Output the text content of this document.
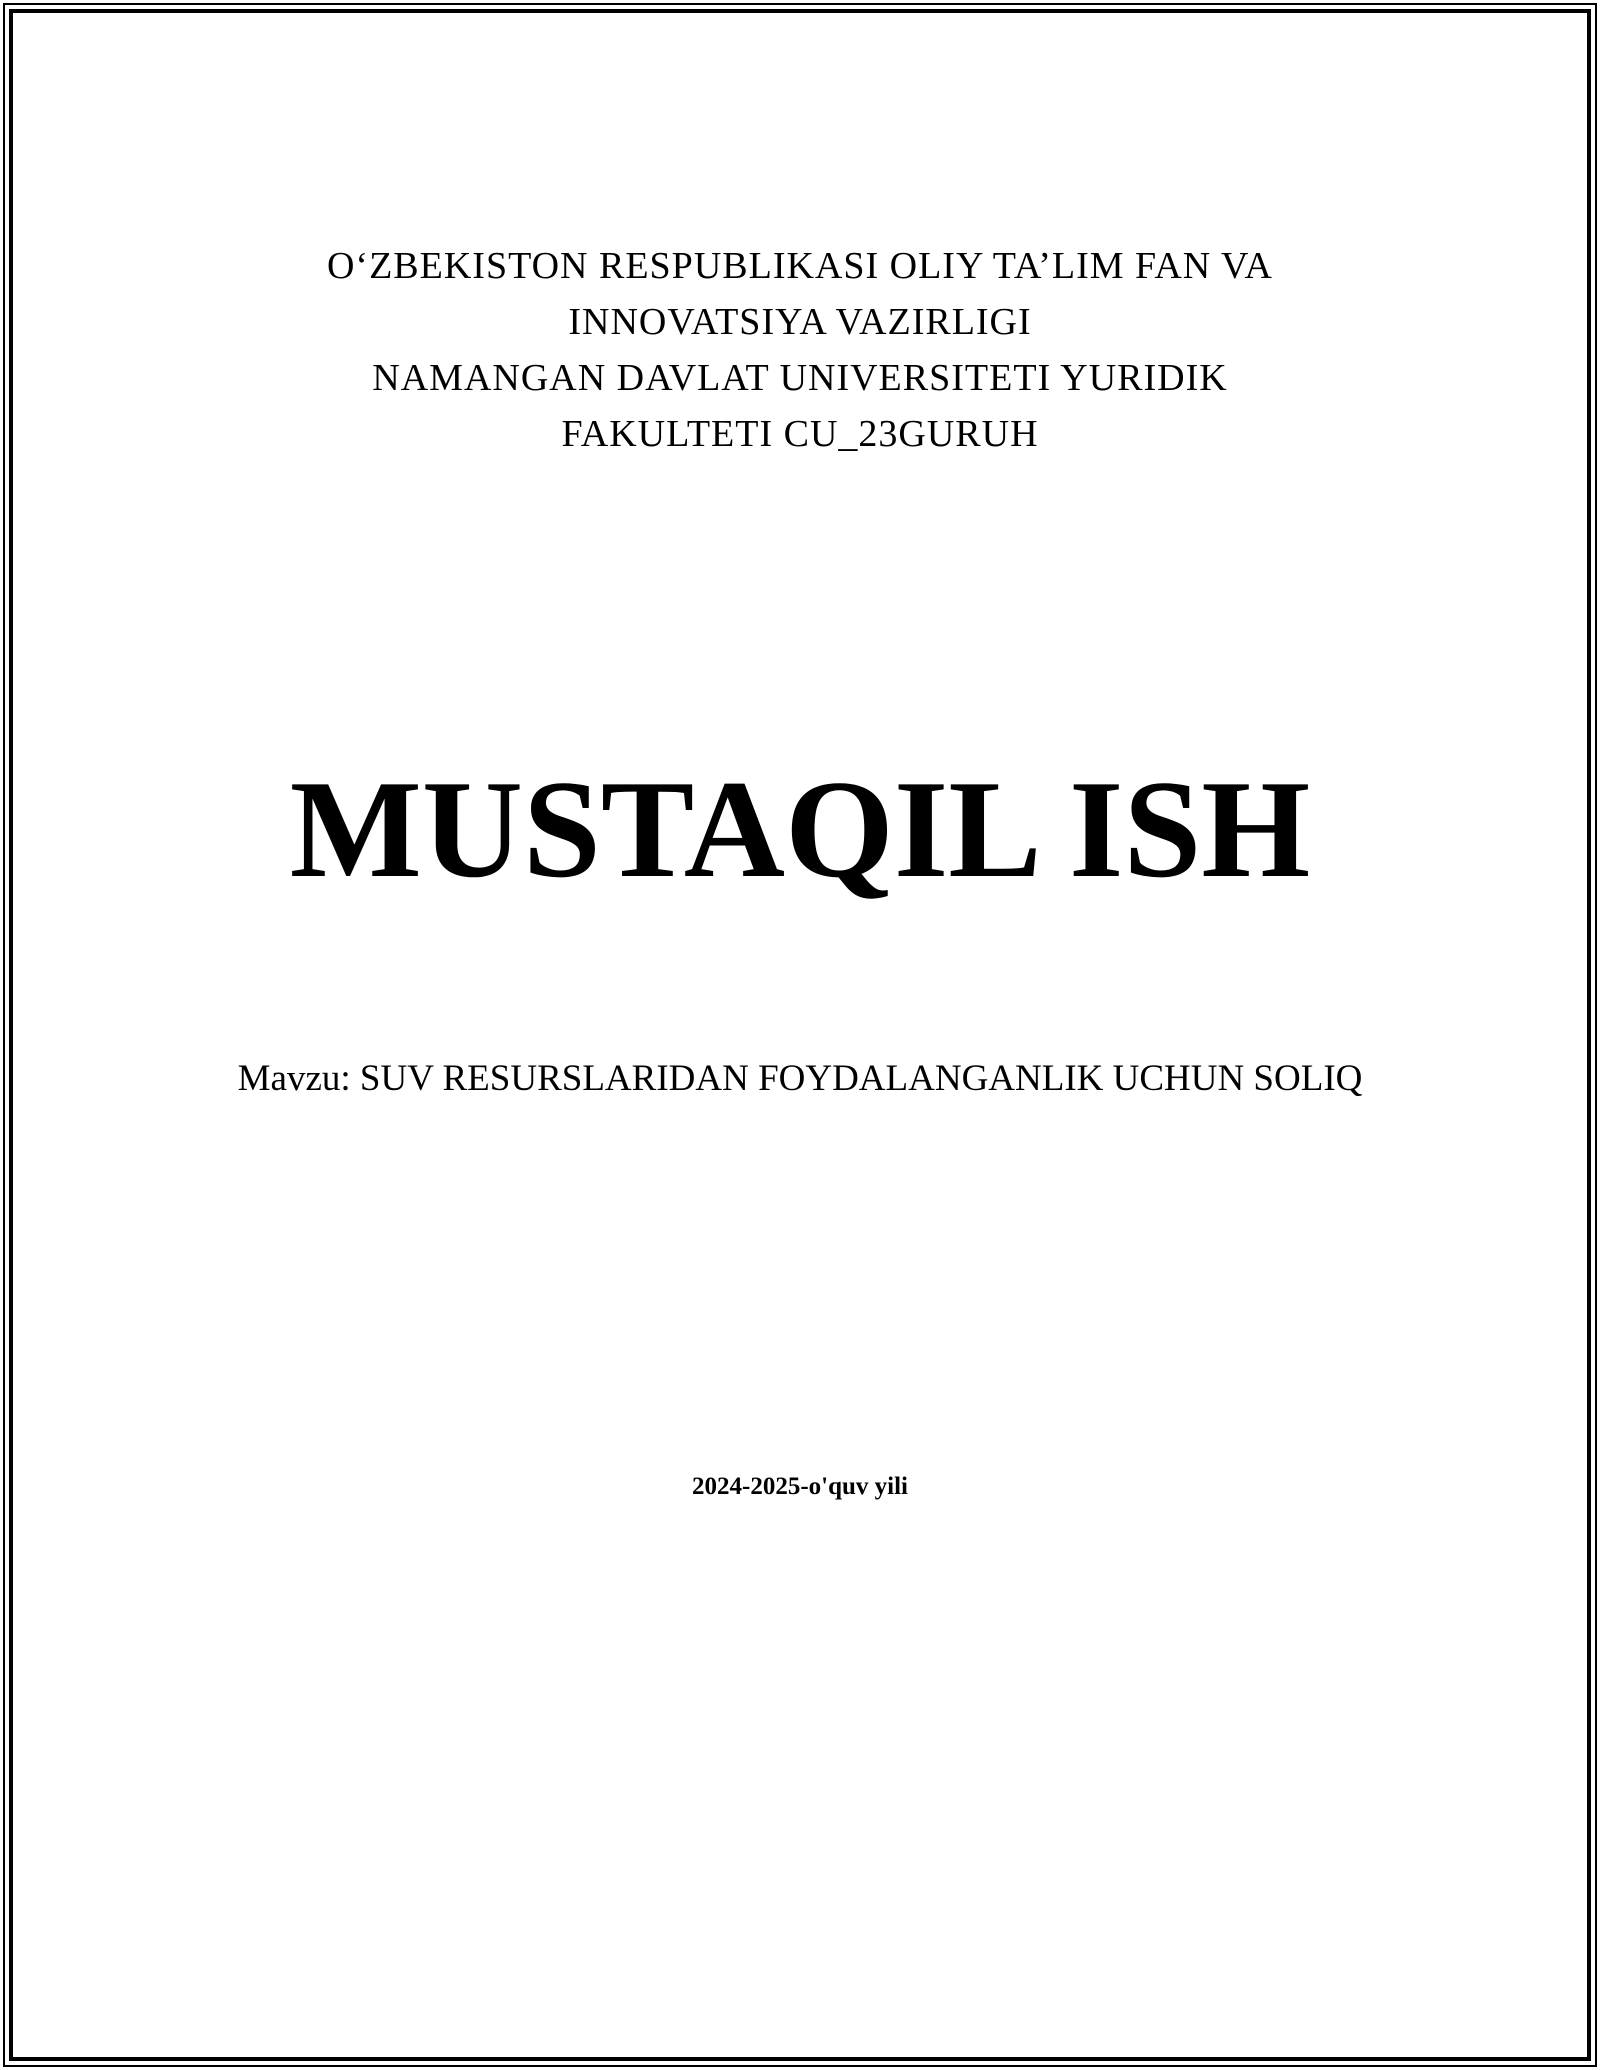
O‘ZBEKISTON RESPUBLIKASI OLIY TA’LIM FAN VA
INNOVATSIYA VAZIRLIGI
NAMANGAN DAVLAT UNIVERSITETI YURIDIK
FAKULTETI CU_23GURUH
MUSTAQIL ISH
Mavzu: SUV RESURSLARIDAN FOYDALANGANLIK UCHUN SOLIQ
2024-2025-o'quv yili
